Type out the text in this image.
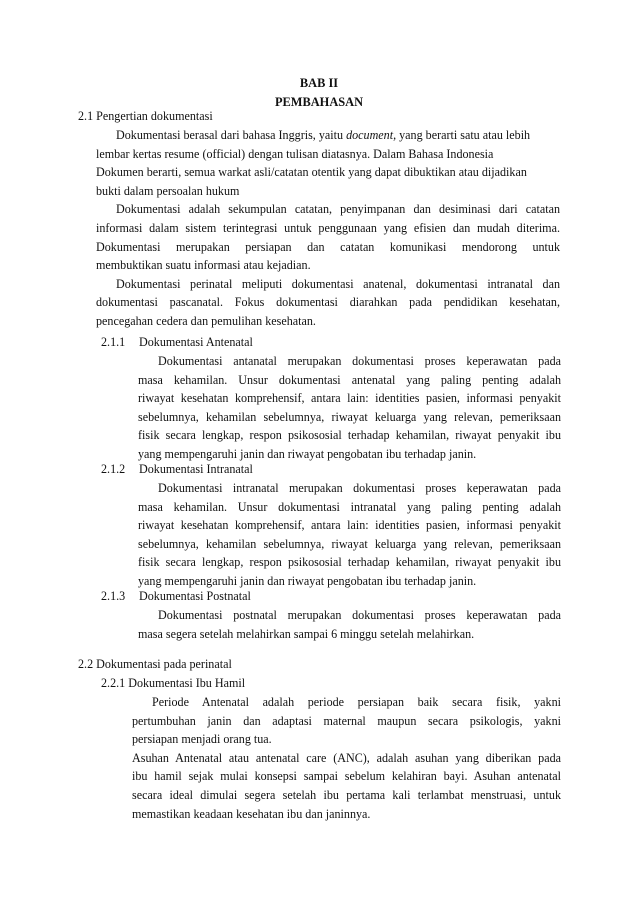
BAB II
PEMBAHASAN
2.1 Pengertian dokumentasi
Dokumentasi berasal dari bahasa Inggris, yaitu document, yang berarti satu atau lebih
lembar kertas resume (official) dengan tulisan diatasnya. Dalam Bahasa Indonesia
Dokumen berarti, semua warkat asli/catatan otentik yang dapat dibuktikan atau dijadikan
bukti dalam persoalan hukum
Dokumentasi adalah sekumpulan catatan, penyimpanan dan desiminasi dari catatan
informasi dalam sistem terintegrasi untuk penggunaan yang efisien dan mudah diterima.
Dokumentasi merupakan persiapan dan catatan komunikasi mendorong untuk
membuktikan suatu informasi atau kejadian.
Dokumentasi perinatal meliputi dokumentasi anatenal, dokumentasi intranatal dan
dokumentasi pascanatal. Fokus dokumentasi diarahkan pada pendidikan kesehatan,
pencegahan cedera dan pemulihan kesehatan.
2.1.1 Dokumentasi Antenatal
Dokumentasi antanatal merupakan dokumentasi proses keperawatan pada
masa kehamilan. Unsur dokumentasi antenatal yang paling penting adalah
riwayat kesehatan komprehensif, antara lain: identities pasien, informasi penyakit
sebelumnya, kehamilan sebelumnya, riwayat keluarga yang relevan, pemeriksaan
fisik secara lengkap, respon psikososial terhadap kehamilan, riwayat penyakit ibu
yang mempengaruhi janin dan riwayat pengobatan ibu terhadap janin.
2.1.2 Dokumentasi Intranatal
Dokumentasi intranatal merupakan dokumentasi proses keperawatan pada
masa kehamilan. Unsur dokumentasi intranatal yang paling penting adalah
riwayat kesehatan komprehensif, antara lain: identities pasien, informasi penyakit
sebelumnya, kehamilan sebelumnya, riwayat keluarga yang relevan, pemeriksaan
fisik secara lengkap, respon psikososial terhadap kehamilan, riwayat penyakit ibu
yang mempengaruhi janin dan riwayat pengobatan ibu terhadap janin.
2.1.3 Dokumentasi Postnatal
Dokumentasi postnatal merupakan dokumentasi proses keperawatan pada
masa segera setelah melahirkan sampai 6 minggu setelah melahirkan.
2.2 Dokumentasi pada perinatal
2.2.1 Dokumentasi Ibu Hamil
Periode Antenatal adalah periode persiapan baik secara fisik, yakni
pertumbuhan janin dan adaptasi maternal maupun secara psikologis, yakni
persiapan menjadi orang tua.
Asuhan Antenatal atau antenatal care (ANC), adalah asuhan yang diberikan pada
ibu hamil sejak mulai konsepsi sampai sebelum kelahiran bayi. Asuhan antenatal
secara ideal dimulai segera setelah ibu pertama kali terlambat menstruasi, untuk
memastikan keadaan kesehatan ibu dan janinnya.
